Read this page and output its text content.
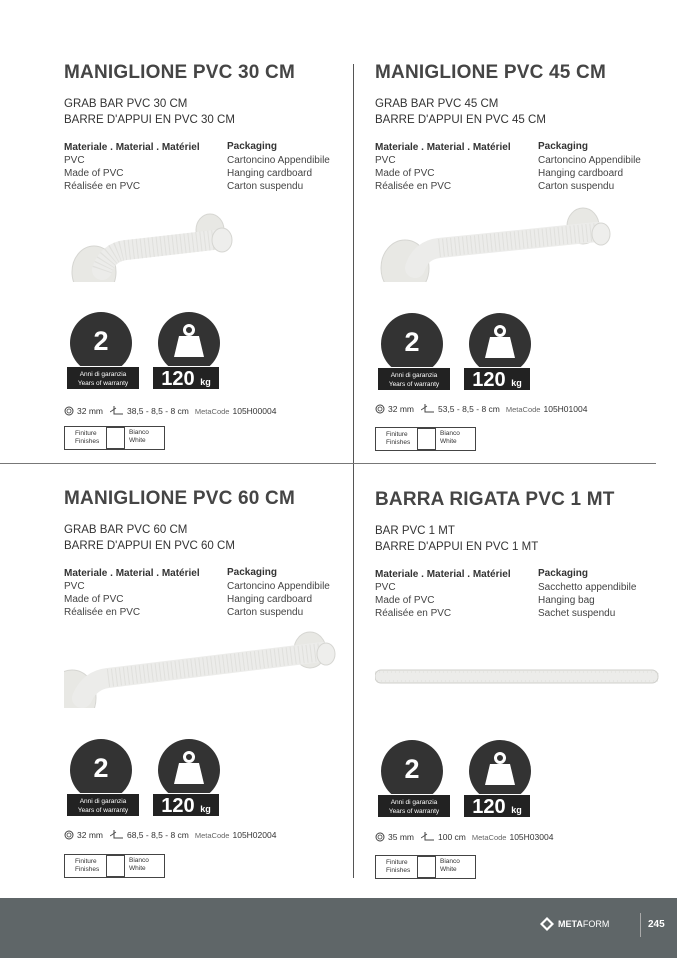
MANIGLIONE PVC 30 CM
GRAB BAR PVC 30 CM
BARRE D'APPUI EN PVC 30 CM
Materiale . Material . Matériel
PVC
Made of PVC
Réalisée en PVC
Packaging
Cartoncino Appendibile
Hanging cardboard
Carton suspendu
2
Anni di garanzia
Years of warranty	120 kg
32 mm	38,5 - 8,5 - 8 cm MetaCode 105H00004
Finiture
Finishes
Bianco
White
MANIGLIONE PVC 45 CM
GRAB BAR PVC 45 CM
BARRE D'APPUI EN PVC 45 CM
Materiale . Material . Matériel
PVC
Made of PVC
Réalisée en PVC
Packaging
Cartoncino Appendibile
Hanging cardboard
Carton suspendu
2
Anni di garanzia
Years of warranty	120 kg
32 mm	53,5 - 8,5 - 8 cm MetaCode 105H01004
Finiture
Finishes
Bianco
White
MANIGLIONE PVC 60 CM
GRAB BAR PVC 60 CM
BARRE D'APPUI EN PVC 60 CM
Materiale . Material . Matériel
PVC
Made of PVC
Réalisée en PVC
Packaging
Cartoncino Appendibile
Hanging cardboard
Carton suspendu
2
Anni di garanzia
Years of warranty	120 kg
32 mm	68,5 - 8,5 - 8 cm MetaCode 105H02004
Finiture
Finishes
Bianco
White
BARRA RIGATA PVC 1 MT
BAR PVC 1 MT
BARRE D'APPUI EN PVC 1 MT
Materiale . Material . Matériel
PVC
Made of PVC
Réalisée en PVC
Packaging
Sacchetto appendibile
Hanging bag
Sachet suspendu
2
Anni di garanzia
Years of warranty	120 kg
35 mm	100 cm MetaCode 105H03004
Finiture
Finishes
Bianco
White
METAFORM	245
